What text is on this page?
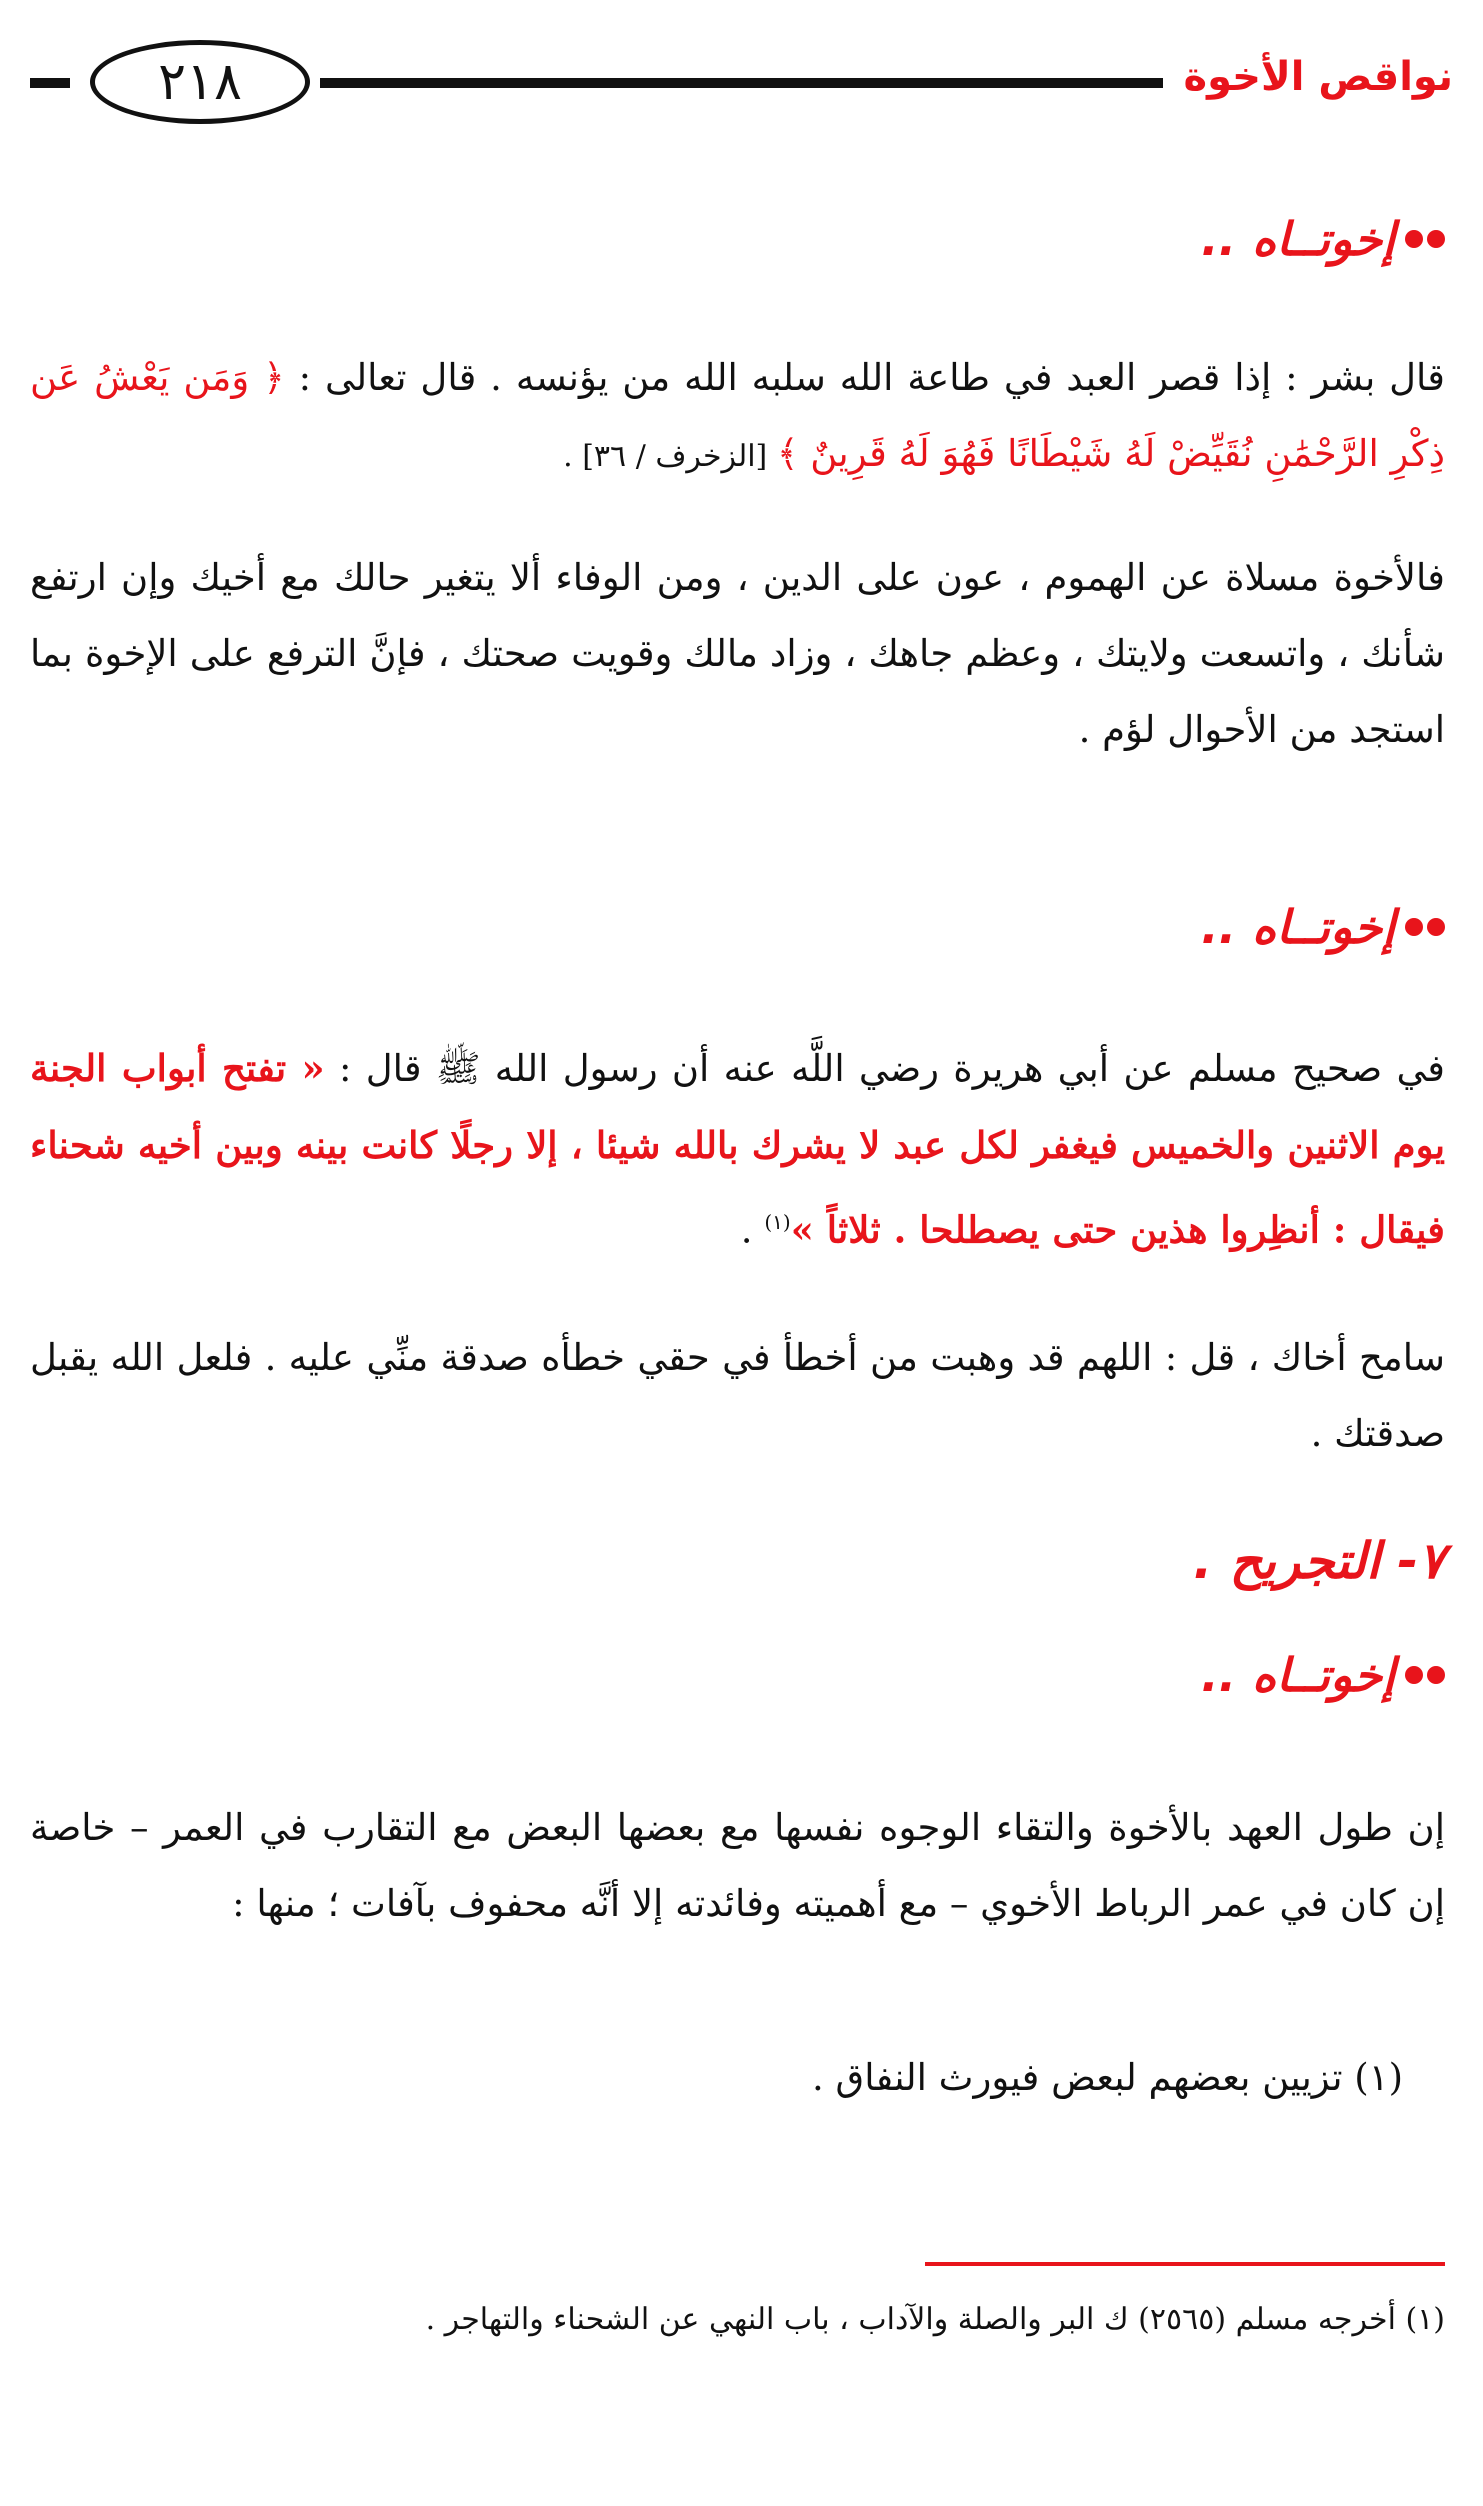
نواقص الأخوة
٢١٨
إخوتــاه ..
قال بشر : إذا قصر العبد في طاعة الله سلبه الله من يؤنسه . قال تعالى : ﴿ وَمَن يَعْشُ عَن ذِكْرِ الرَّحْمَٰنِ نُقَيِّضْ لَهُ شَيْطَانًا فَهُوَ لَهُ قَرِينٌ ﴾ [الزخرف / ٣٦] .
فالأخوة مسلاة عن الهموم ، عون على الدين ، ومن الوفاء ألا يتغير حالك مع أخيك وإن ارتفع شأنك ، واتسعت ولايتك ، وعظم جاهك ، وزاد مالك وقويت صحتك ، فإنَّ الترفع على الإخوة بما استجد من الأحوال لؤم .
إخوتــاه ..
في صحيح مسلم عن أبي هريرة رضي اللَّه عنه أن رسول الله ﷺ قال : « تفتح أبواب الجنة يوم الاثنين والخميس فيغفر لكل عبد لا يشرك بالله شيئا ، إلا رجلًا كانت بينه وبين أخيه شحناء فيقال : أنظِروا هذين حتى يصطلحا . ثلاثاً »$^{(١)}$ .
سامح أخاك ، قل : اللهم قد وهبت من أخطأ في حقي خطأه صدقة منِّي عليه . فلعل الله يقبل صدقتك .
٧- التجريح .
إخوتــاه ..
إن طول العهد بالأخوة والتقاء الوجوه نفسها مع بعضها البعض مع التقارب في العمر – خاصة إن كان في عمر الرباط الأخوي – مع أهميته وفائدته إلا أنَّه محفوف بآفات ؛ منها :
(١) تزيين بعضهم لبعض فيورث النفاق .
(١) أخرجه مسلم (٢٥٦٥) ك البر والصلة والآداب ، باب النهي عن الشحناء والتهاجر .
